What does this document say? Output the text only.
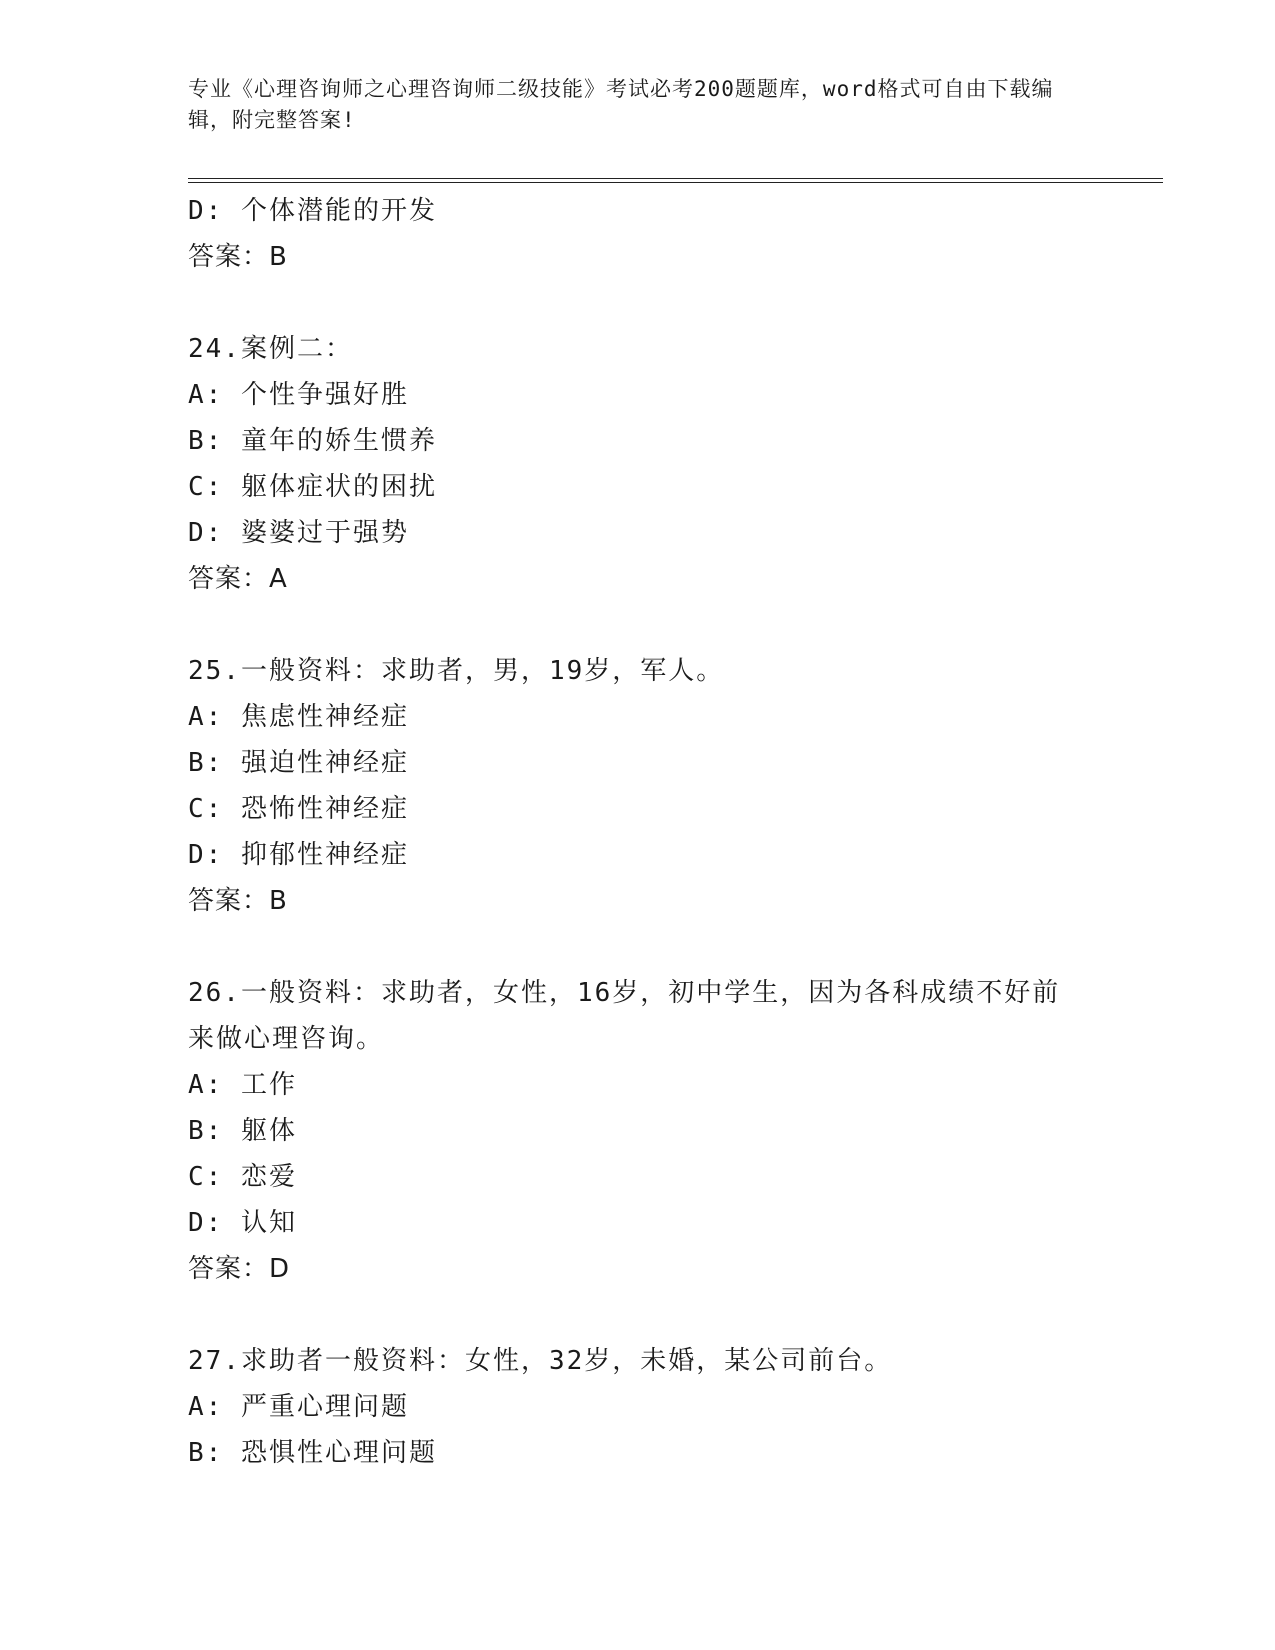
专业《心理咨询师之心理咨询师二级技能》考试必考200题题库，word格式可自由下载编辑，附完整答案!
D: 个体潜能的开发
答案：B
24.案例二：
A: 个性争强好胜
B: 童年的娇生惯养
C: 躯体症状的困扰
D: 婆婆过于强势
答案：A
25.一般资料：求助者，男，19岁，军人。
A: 焦虑性神经症
B: 强迫性神经症
C: 恐怖性神经症
D: 抑郁性神经症
答案：B
26.一般资料：求助者，女性，16岁，初中学生，因为各科成绩不好前
来做心理咨询。
A: 工作
B: 躯体
C: 恋爱
D: 认知
答案：D
27.求助者一般资料：女性，32岁，未婚，某公司前台。
A: 严重心理问题
B: 恐惧性心理问题
